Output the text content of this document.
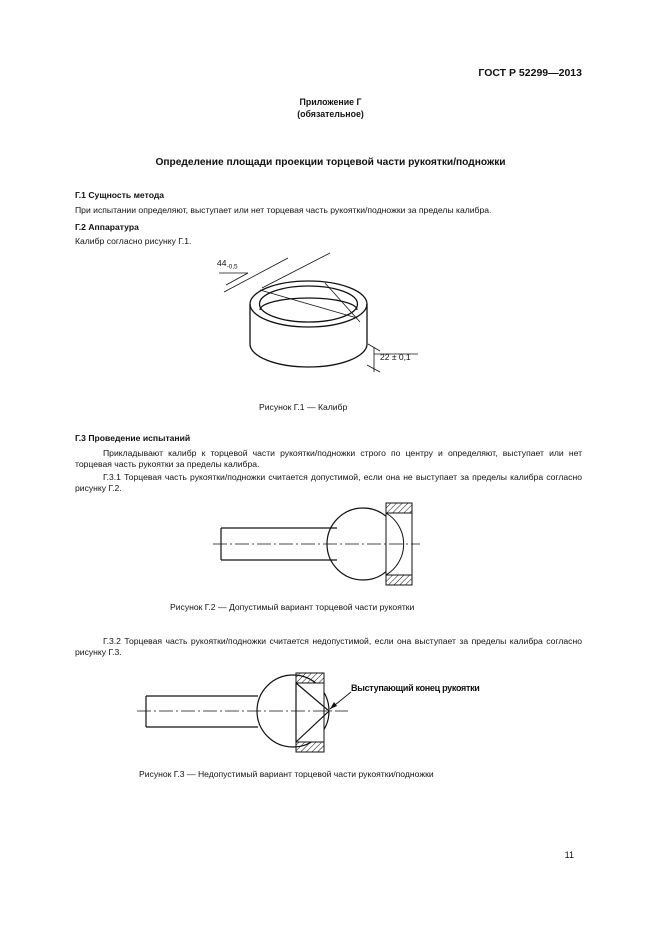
ГОСТ Р 52299—2013
Приложение Г
(обязательное)
Определение площади проекции торцевой части рукоятки/подножки
Г.1 Сущность метода
При испытании определяют, выступает или нет торцевая часть рукоятки/подножки за пределы калибра.
Г.2 Аппаратура
Калибр согласно рисунку Г.1.
$44_{-0,5}$
22 ± 0,1
Рисунок Г.1 — Калибр
Г.3 Проведение испытаний
Прикладывают калибр к торцевой части рукоятки/подножки строго по центру и определяют, выступает или нет торцевая часть рукоятки за пределы калибра.
Г.3.1 Торцевая часть рукоятки/подножки считается допустимой, если она не выступает за пределы калибра согласно рисунку Г.2.
Рисунок Г.2 — Допустимый вариант торцевой части рукоятки
Г.3.2 Торцевая часть рукоятки/подножки считается недопустимой, если она выступает за пределы калибра согласно рисунку Г.3.
Выступающий конец рукоятки
Рисунок Г.3 — Недопустимый вариант торцевой части рукоятки/подножки
11
